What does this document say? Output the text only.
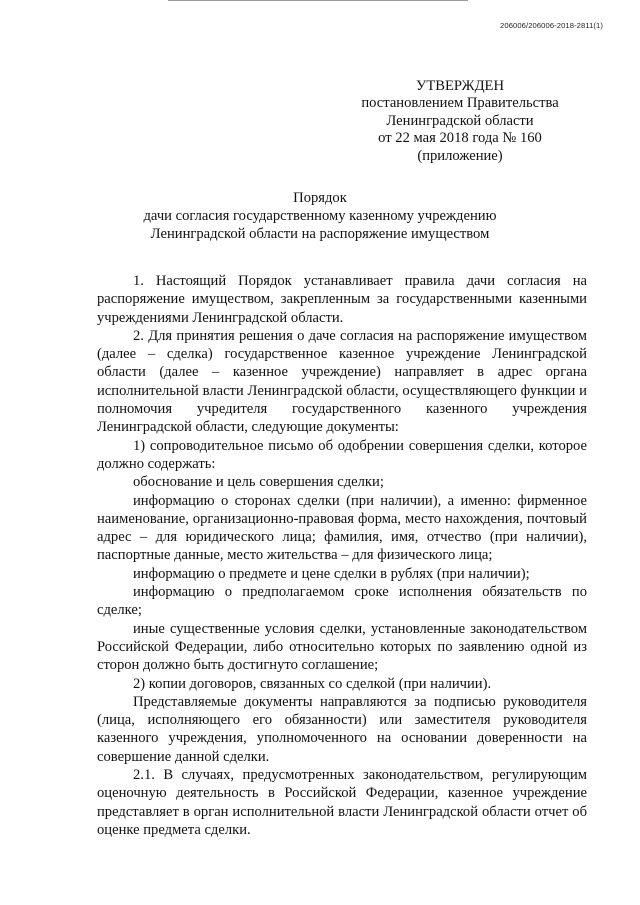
206006/206006-2018-2811(1)

УТВЕРЖДЕН
постановлением Правительства
Ленинградской области
от 22 мая 2018 года № 160
(приложение)
Порядок
дачи согласия государственному казенному учреждению
Ленинградской области на распоряжение имуществом

1. Настоящий Порядок устанавливает правила дачи согласия на распоряжение имуществом, закрепленным за государственными казенными учреждениями Ленинградской области.

2. Для принятия решения о даче согласия на распоряжение имуществом (далее – сделка) государственное казенное учреждение Ленинградской области (далее – казенное учреждение) направляет в адрес органа исполнительной власти Ленинградской области, осуществляющего функции и полномочия учредителя государственного казенного учреждения Ленинградской области, следующие документы:

1) сопроводительное письмо об одобрении совершения сделки, которое должно содержать:

обоснование и цель совершения сделки;

информацию о сторонах сделки (при наличии), а именно: фирменное наименование, организационно-правовая форма, место нахождения, почтовый адрес – для юридического лица; фамилия, имя, отчество (при наличии), паспортные данные, место жительства – для физического лица;

информацию о предмете и цене сделки в рублях (при наличии);

информацию о предполагаемом сроке исполнения обязательств по сделке;

иные существенные условия сделки, установленные законодательством Российской Федерации, либо относительно которых по заявлению одной из сторон должно быть достигнуто соглашение;

2) копии договоров, связанных со сделкой (при наличии).

Представляемые документы направляются за подписью руководителя (лица, исполняющего его обязанности) или заместителя руководителя казенного учреждения, уполномоченного на основании доверенности на совершение данной сделки.

2.1. В случаях, предусмотренных законодательством, регулирующим оценочную деятельность в Российской Федерации, казенное учреждение представляет в орган исполнительной власти Ленинградской области отчет об оценке предмета сделки.
